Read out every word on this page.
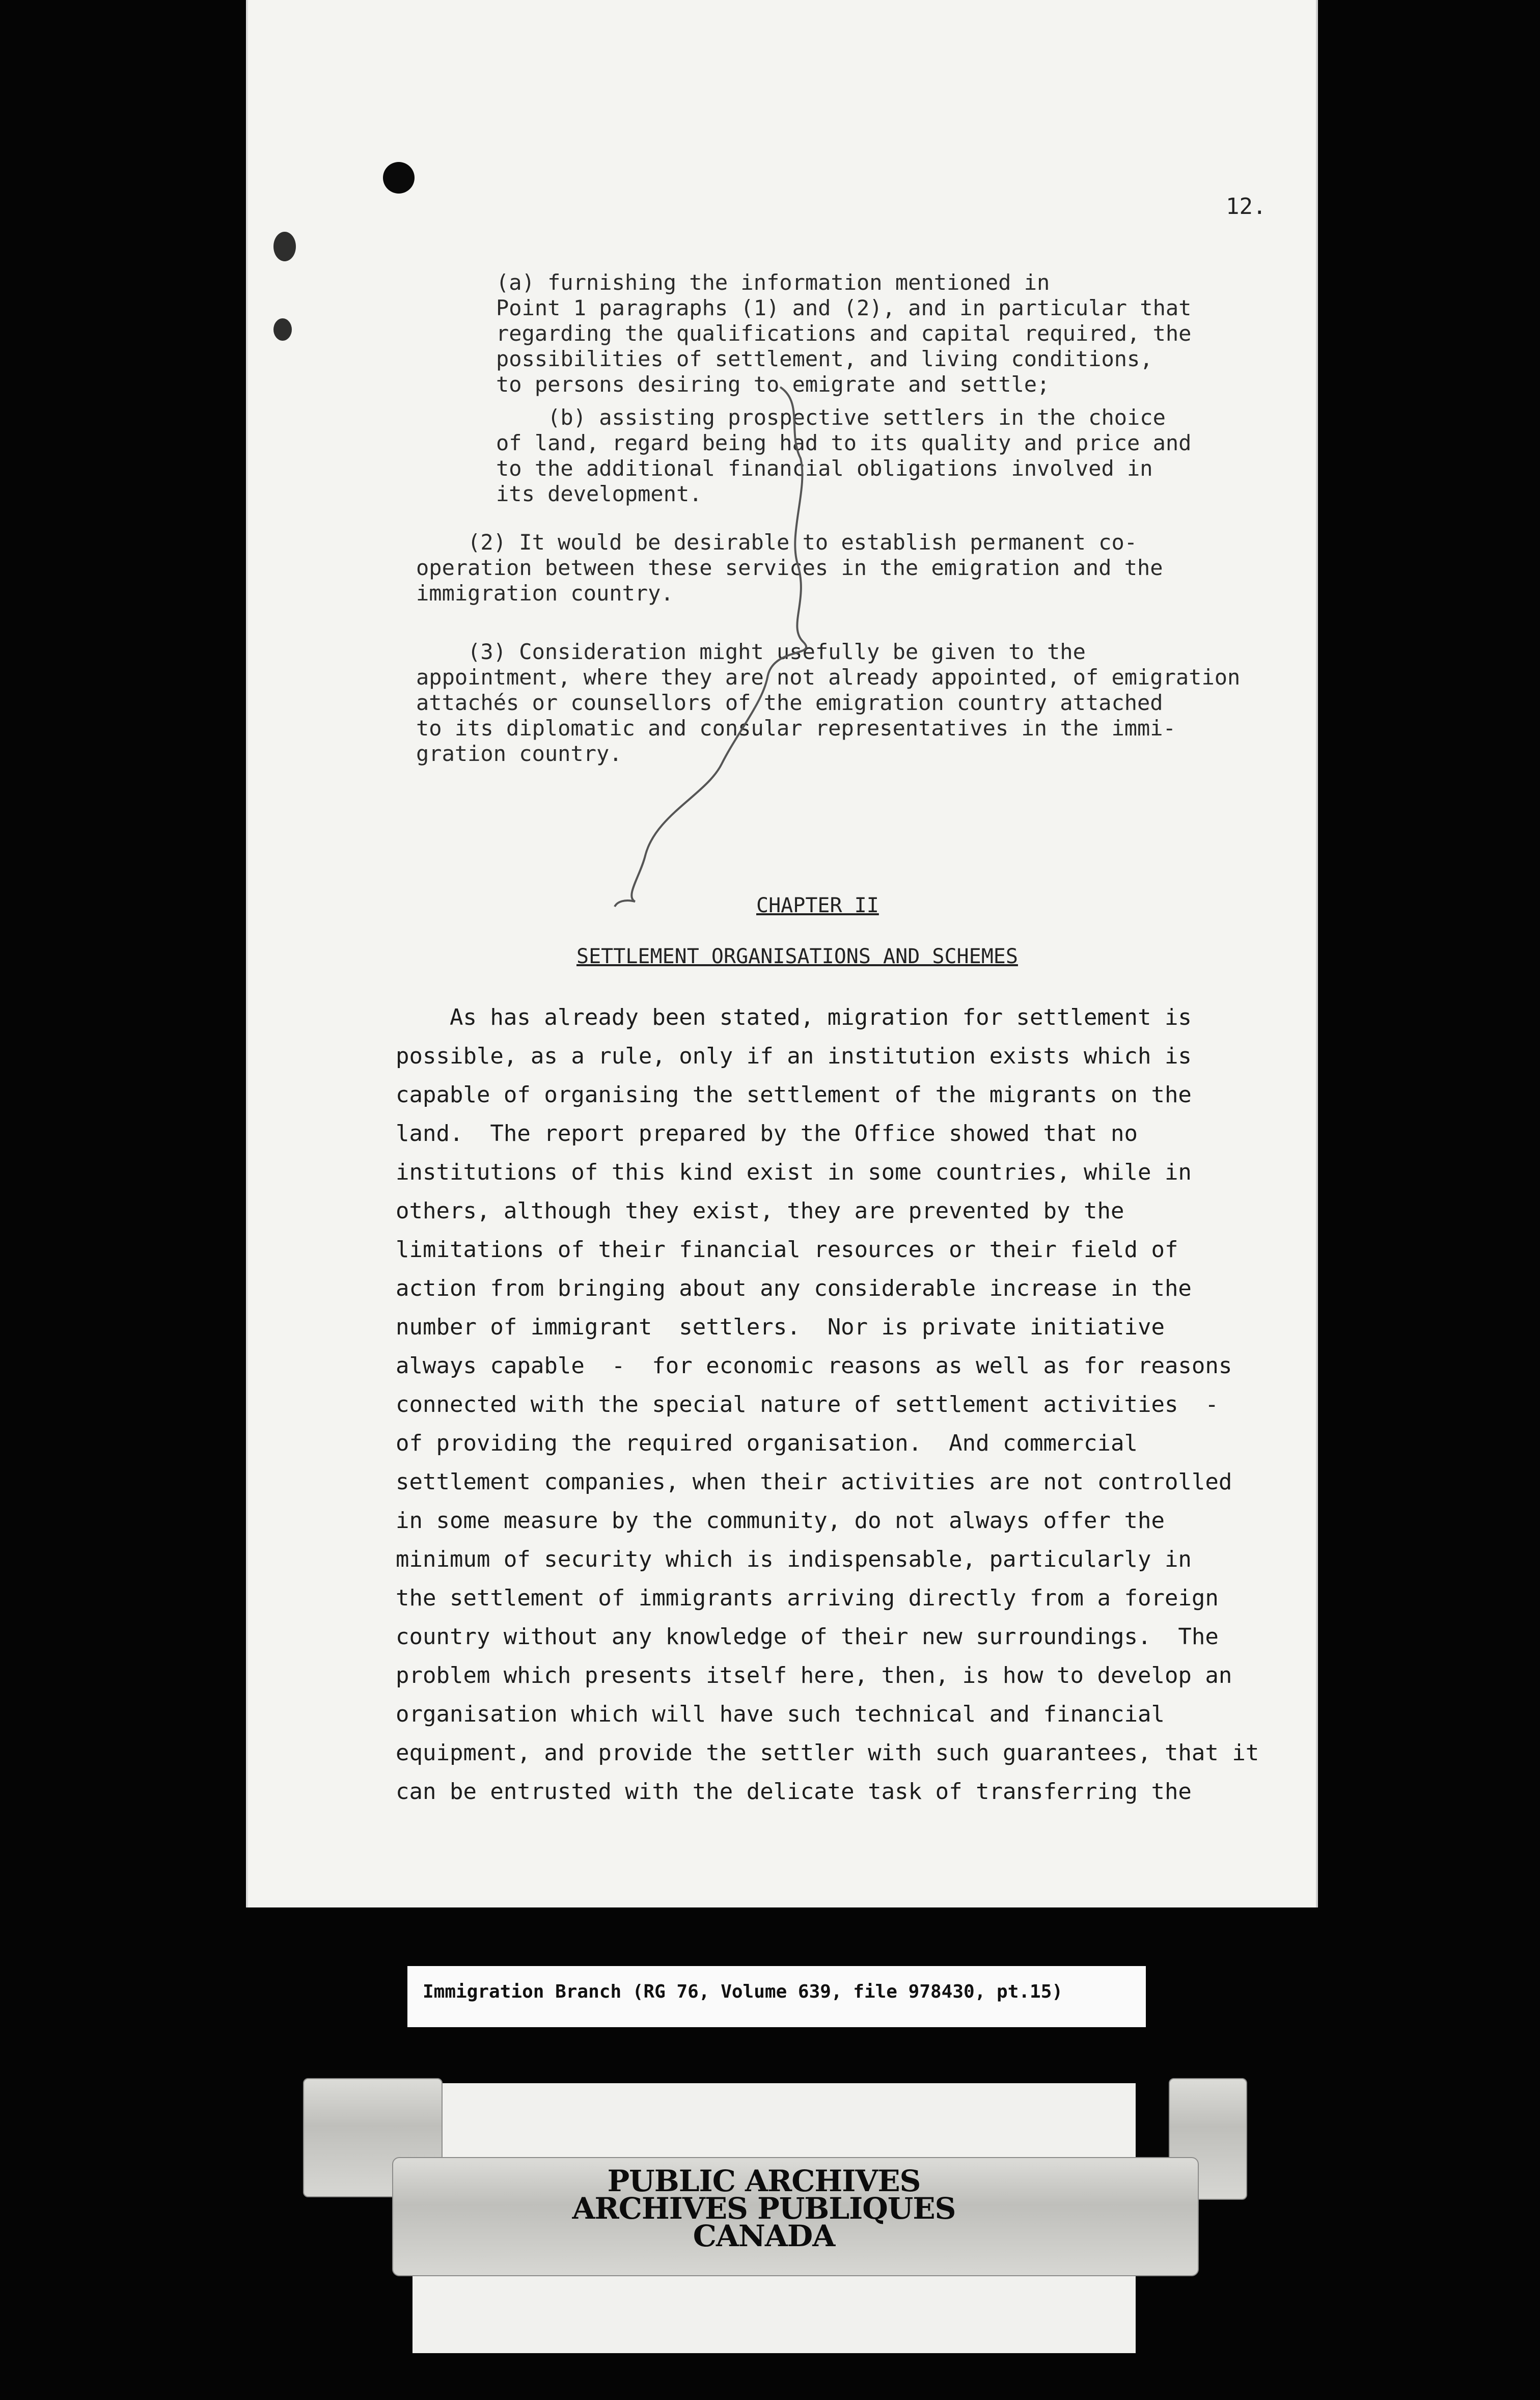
12.

(a) furnishing the information mentioned in
Point 1 paragraphs (1) and (2), and in particular that
regarding the qualifications and capital required, the
possibilities of settlement, and living conditions,
to persons desiring to emigrate and settle;

(b) assisting prospective settlers in the choice
of land, regard being had to its quality and price and
to the additional financial obligations involved in
its development.

(2) It would be desirable to establish permanent co-
operation between these services in the emigration and the
immigration country.

(3) Consideration might usefully be given to the
appointment, where they are not already appointed, of emigration
attachés or counsellors of the emigration country attached
to its diplomatic and consular representatives in the immi-
gration country.

CHAPTER II

SETTLEMENT ORGANISATIONS AND SCHEMES

As has already been stated, migration for settlement is
possible, as a rule, only if an institution exists which is
capable of organising the settlement of the migrants on the
land.  The report prepared by the Office showed that no
institutions of this kind exist in some countries, while in
others, although they exist, they are prevented by the
limitations of their financial resources or their field of
action from bringing about any considerable increase in the
number of immigrant  settlers.  Nor is private initiative
always capable  -  for economic reasons as well as for reasons
connected with the special nature of settlement activities  -
of providing the required organisation.  And commercial
settlement companies, when their activities are not controlled
in some measure by the community, do not always offer the
minimum of security which is indispensable, particularly in
the settlement of immigrants arriving directly from a foreign
country without any knowledge of their new surroundings.  The
problem which presents itself here, then, is how to develop an
organisation which will have such technical and financial
equipment, and provide the settler with such guarantees, that it
can be entrusted with the delicate task of transferring the

Immigration Branch (RG 76, Volume 639, file 978430, pt.15)
PUBLIC ARCHIVES
ARCHIVES PUBLIQUES
CANADA
